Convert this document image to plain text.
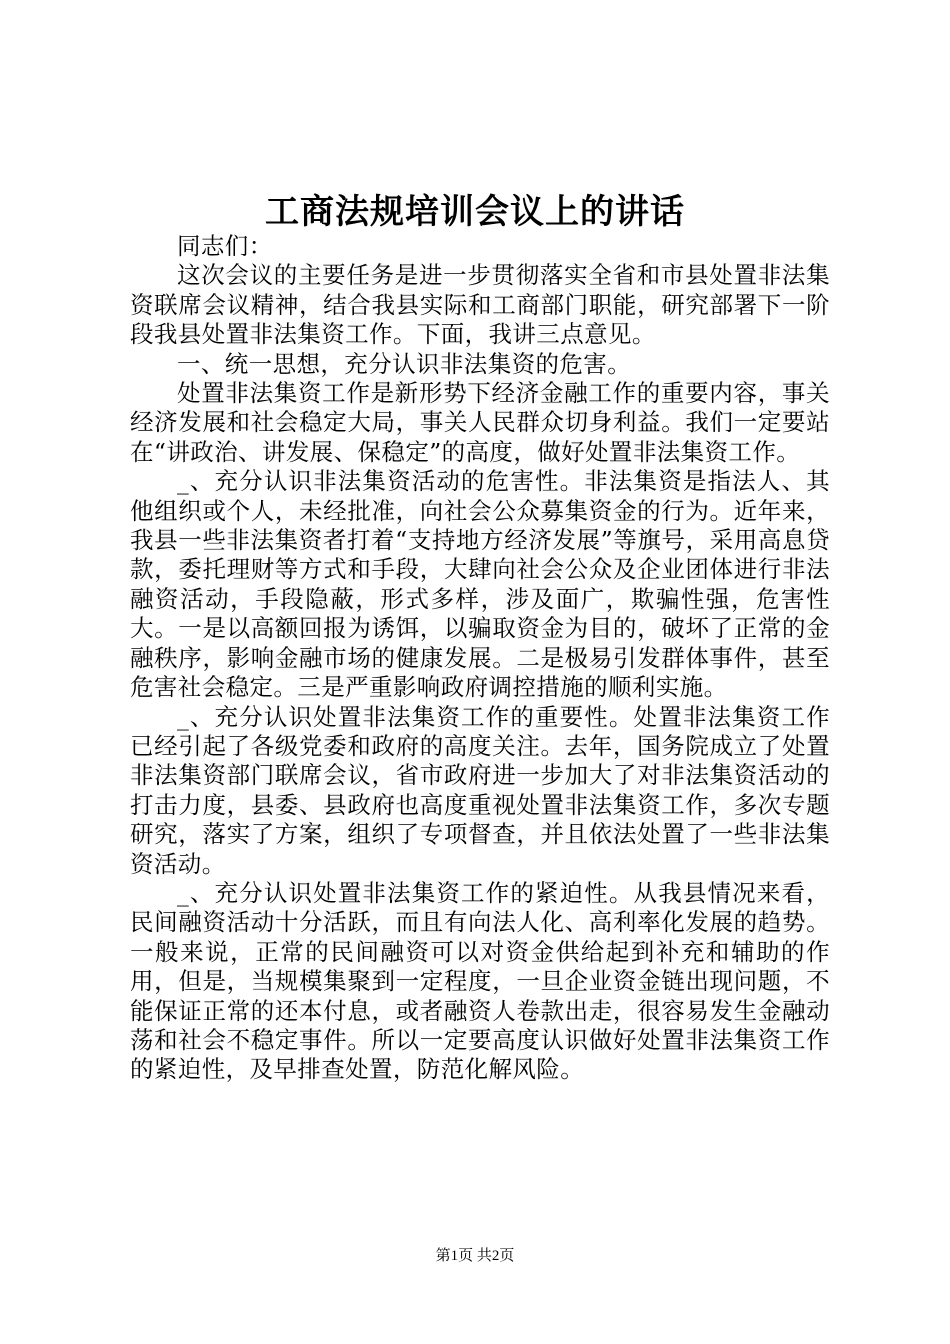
工商法规培训会议上的讲话

同志们：

这次会议的主要任务是进一步贯彻落实全省和市县处置非法集资联席会议精神，结合我县实际和工商部门职能，研究部署下一阶段我县处置非法集资工作。下面，我讲三点意见。

一、统一思想，充分认识非法集资的危害。

处置非法集资工作是新形势下经济金融工作的重要内容，事关经济发展和社会稳定大局，事关人民群众切身利益。我们一定要站在“讲政治、讲发展、保稳定”的高度，做好处置非法集资工作。

_、充分认识非法集资活动的危害性。非法集资是指法人、其他组织或个人，未经批准，向社会公众募集资金的行为。近年来，我县一些非法集资者打着“支持地方经济发展”等旗号，采用高息贷款，委托理财等方式和手段，大肆向社会公众及企业团体进行非法融资活动，手段隐蔽，形式多样，涉及面广，欺骗性强，危害性大。一是以高额回报为诱饵，以骗取资金为目的，破坏了正常的金融秩序，影响金融市场的健康发展。二是极易引发群体事件，甚至危害社会稳定。三是严重影响政府调控措施的顺利实施。

_、充分认识处置非法集资工作的重要性。处置非法集资工作已经引起了各级党委和政府的高度关注。去年，国务院成立了处置非法集资部门联席会议，省市政府进一步加大了对非法集资活动的打击力度，县委、县政府也高度重视处置非法集资工作，多次专题研究，落实了方案，组织了专项督查，并且依法处置了一些非法集资活动。

_、充分认识处置非法集资工作的紧迫性。从我县情况来看，民间融资活动十分活跃，而且有向法人化、高利率化发展的趋势。一般来说，正常的民间融资可以对资金供给起到补充和辅助的作用，但是，当规模集聚到一定程度，一旦企业资金链出现问题，不能保证正常的还本付息，或者融资人卷款出走，很容易发生金融动荡和社会不稳定事件。所以一定要高度认识做好处置非法集资工作的紧迫性，及早排查处置，防范化解风险。

第1页 共2页
